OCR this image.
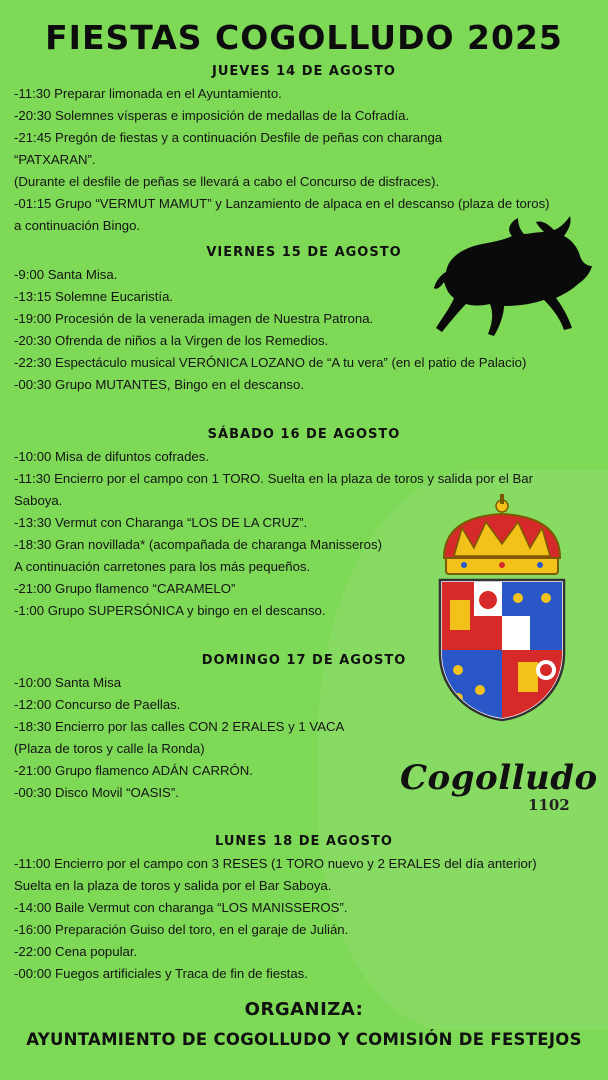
FIESTAS COGOLLUDO 2025
JUEVES 14 DE AGOSTO
-11:30 Preparar limonada en el Ayuntamiento.
-20:30 Solemnes vísperas e imposición de medallas de la Cofradía.
-21:45 Pregón de fiestas y a continuación Desfile de peñas con charanga
“PATXARAN”.
(Durante el desfile de peñas se llevará a cabo el Concurso de disfraces).
-01:15 Grupo “VERMUT MAMUT” y Lanzamiento de alpaca en el descanso (plaza de toros)
a continuación Bingo.
VIERNES 15 DE AGOSTO
-9:00 Santa Misa.
-13:15 Solemne Eucaristía.
-19:00 Procesión de la venerada imagen de Nuestra Patrona.
-20:30 Ofrenda de niños a la Virgen de los Remedios.
-22:30 Espectáculo musical VERÓNICA LOZANO de “A tu vera” (en el patio de Palacio)
-00:30 Grupo MUTANTES, Bingo en el descanso.
SÁBADO 16 DE AGOSTO
-10:00 Misa de difuntos cofrades.
-11:30 Encierro por el campo con 1 TORO. Suelta en la plaza de toros y salida por el Bar
Saboya.
-13:30 Vermut con Charanga “LOS DE LA CRUZ”.
-18:30 Gran novillada* (acompañada de charanga Manisseros)
A continuación carretones para los más pequeños.
-21:00 Grupo flamenco “CARAMELO”
-1:00 Grupo SUPERSÓNICA y bingo en el descanso.
DOMINGO 17 DE AGOSTO
-10:00 Santa Misa
-12:00 Concurso de Paellas.
-18:30 Encierro por las calles CON 2 ERALES y 1 VACA
(Plaza de toros y calle la Ronda)
-21:00 Grupo flamenco ADÁN CARRÓN.
-00:30 Disco Movil “OASIS”.
LUNES 18 DE AGOSTO
-11:00 Encierro por el campo con 3 RESES (1 TORO nuevo y 2 ERALES del día anterior)
Suelta en la plaza de toros y salida por el Bar Saboya.
-14:00 Baile Vermut con charanga “LOS MANISSEROS”.
-16:00 Preparación Guiso del toro, en el garaje de Julián.
-22:00 Cena popular.
-00:00 Fuegos artificiales y Traca de fin de fiestas.
ORGANIZA:
AYUNTAMIENTO DE COGOLLUDO Y COMISIÓN DE FESTEJOS
Cogolludo
1102
